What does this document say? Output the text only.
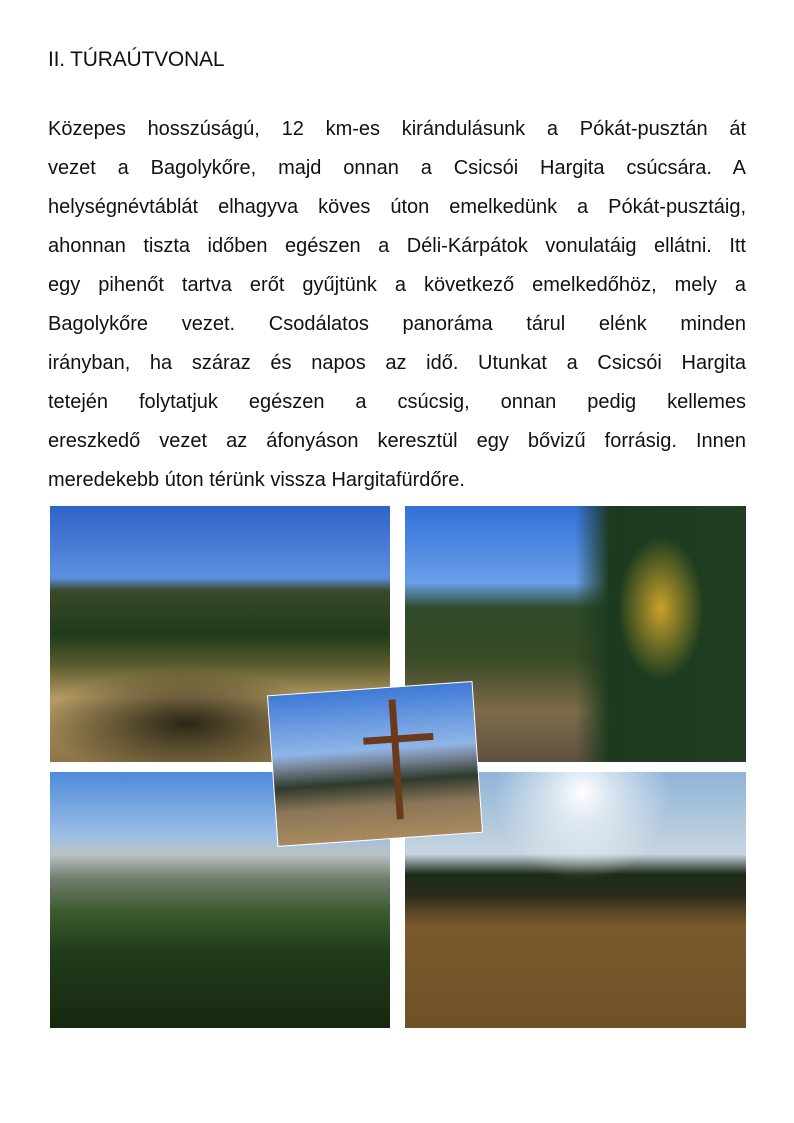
II. TÚRAÚTVONAL
Közepes hosszúságú, 12 km-es kirándulásunk a Pókát-pusztán át
vezet a Bagolykőre, majd onnan a Csicsói Hargita csúcsára. A
helységnévtáblát elhagyva köves úton emelkedünk a Pókát-pusztáig,
ahonnan tiszta időben egészen a Déli-Kárpátok vonulatáig ellátni. Itt
egy pihenőt tartva erőt gyűjtünk a következő emelkedőhöz, mely a
Bagolykőre vezet. Csodálatos panoráma tárul elénk minden
irányban, ha száraz és napos az idő. Utunkat a Csicsói Hargita
tetején folytatjuk egészen a csúcsig, onnan pedig kellemes
ereszkedő vezet az áfonyáson keresztül egy bővizű forrásig. Innen
meredekebb úton térünk vissza Hargitafürdőre.
